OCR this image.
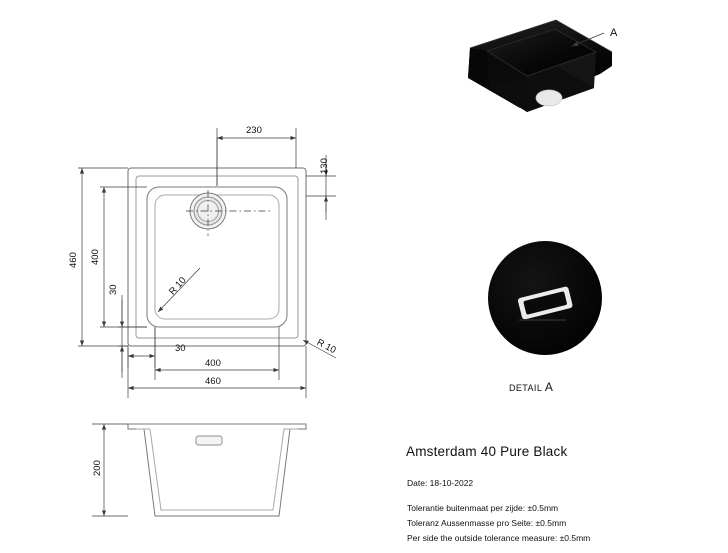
230
130
460 400
30
30
400
460
R 10
R 10
200
A
DETAIL A
Amsterdam 40 Pure Black
Date: 18-10-2022
Tolerantie buitenmaat per zijde: ±0.5mm
Toleranz Aussenmasse pro Seite: ±0.5mm
Per side the outside tolerance measure: ±0.5mm
